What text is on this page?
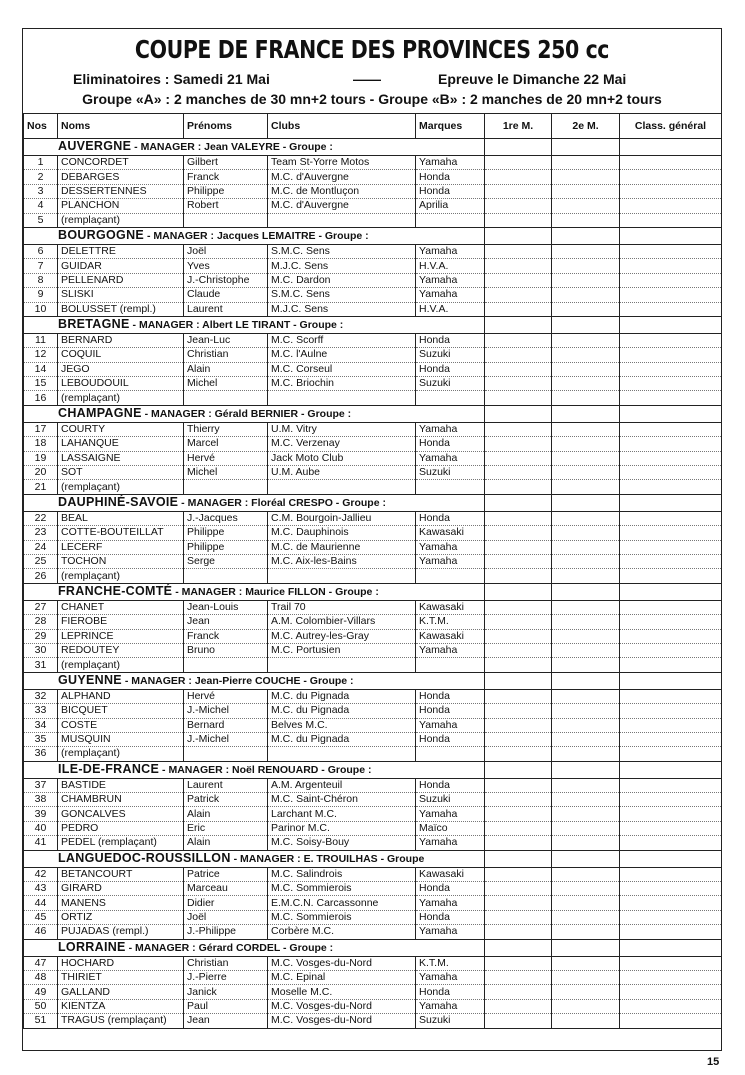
COUPE DE FRANCE DES PROVINCES 250 cc
Eliminatoires : Samedi 21 Mai	——	Epreuve le Dimanche 22 Mai
Groupe «A» : 2 manches de 30 mn+2 tours - Groupe «B» : 2 manches de 20 mn+2 tours
Nos	Noms	Prénoms	Clubs	Marques	1re M.	2e M.	Class. général
AUVERGNE - MANAGER : Jean VALEYRE - Groupe :							
1	CONCORDET	Gilbert	Team St-Yorre Motos	Yamaha			
2	DEBARGES	Franck	M.C. d'Auvergne	Honda			
3	DESSERTENNES	Philippe	M.C. de Montluçon	Honda			
4	PLANCHON	Robert	M.C. d'Auvergne	Aprilia			
5	(remplaçant)						
BOURGOGNE - MANAGER : Jacques LEMAITRE - Groupe :							
6	DELETTRE	Joël	S.M.C. Sens	Yamaha			
7	GUIDAR	Yves	M.J.C. Sens	H.V.A.			
8	PELLENARD	J.-Christophe	M.C. Dardon	Yamaha			
9	SLISKI	Claude	S.M.C. Sens	Yamaha			
10	BOLUSSET (rempl.)	Laurent	M.J.C. Sens	H.V.A.			
BRETAGNE - MANAGER : Albert LE TIRANT - Groupe :							
11	BERNARD	Jean-Luc	M.C. Scorff	Honda			
12	COQUIL	Christian	M.C. l'Aulne	Suzuki			
14	JEGO	Alain	M.C. Corseul	Honda			
15	LEBOUDOUIL	Michel	M.C. Briochin	Suzuki			
16	(remplaçant)						
CHAMPAGNE - MANAGER : Gérald BERNIER - Groupe :							
17	COURTY	Thierry	U.M. Vitry	Yamaha			
18	LAHANQUE	Marcel	M.C. Verzenay	Honda			
19	LASSAIGNE	Hervé	Jack Moto Club	Yamaha			
20	SOT	Michel	U.M. Aube	Suzuki			
21	(remplaçant)						
DAUPHINÉ-SAVOIE - MANAGER : Floréal CRESPO - Groupe :							
22	BEAL	J.-Jacques	C.M. Bourgoin-Jallieu	Honda			
23	COTTE-BOUTEILLAT	Philippe	M.C. Dauphinois	Kawasaki			
24	LECERF	Philippe	M.C. de Maurienne	Yamaha			
25	TOCHON	Serge	M.C. Aix-les-Bains	Yamaha			
26	(remplaçant)						
FRANCHE-COMTÉ - MANAGER : Maurice FILLON - Groupe :							
27	CHANET	Jean-Louis	Trail 70	Kawasaki			
28	FIEROBE	Jean	A.M. Colombier-Villars	K.T.M.			
29	LEPRINCE	Franck	M.C. Autrey-les-Gray	Kawasaki			
30	REDOUTEY	Bruno	M.C. Portusien	Yamaha			
31	(remplaçant)						
GUYENNE - MANAGER : Jean-Pierre COUCHE - Groupe :							
32	ALPHAND	Hervé	M.C. du Pignada	Honda			
33	BICQUET	J.-Michel	M.C. du Pignada	Honda			
34	COSTE	Bernard	Belves M.C.	Yamaha			
35	MUSQUIN	J.-Michel	M.C. du Pignada	Honda			
36	(remplaçant)						
ILE-DE-FRANCE - MANAGER : Noël RENOUARD - Groupe :							
37	BASTIDE	Laurent	A.M. Argenteuil	Honda			
38	CHAMBRUN	Patrick	M.C. Saint-Chéron	Suzuki			
39	GONCALVES	Alain	Larchant M.C.	Yamaha			
40	PEDRO	Eric	Parinor M.C.	Maïco			
41	PEDEL (remplaçant)	Alain	M.C. Soisy-Bouy	Yamaha			
LANGUEDOC-ROUSSILLON - MANAGER : E. TROUILHAS - Groupe							
42	BETANCOURT	Patrice	M.C. Salindrois	Kawasaki			
43	GIRARD	Marceau	M.C. Sommierois	Honda			
44	MANENS	Didier	E.M.C.N. Carcassonne	Yamaha			
45	ORTIZ	Joël	M.C. Sommierois	Honda			
46	PUJADAS (rempl.)	J.-Philippe	Corbère M.C.	Yamaha			
LORRAINE - MANAGER : Gérard CORDEL - Groupe :							
47	HOCHARD	Christian	M.C. Vosges-du-Nord	K.T.M.			
48	THIRIET	J.-Pierre	M.C. Epinal	Yamaha			
49	GALLAND	Janick	Moselle M.C.	Honda			
50	KIENTZA	Paul	M.C. Vosges-du-Nord	Yamaha			
51	TRAGUS (remplaçant)	Jean	M.C. Vosges-du-Nord	Suzuki			
15
